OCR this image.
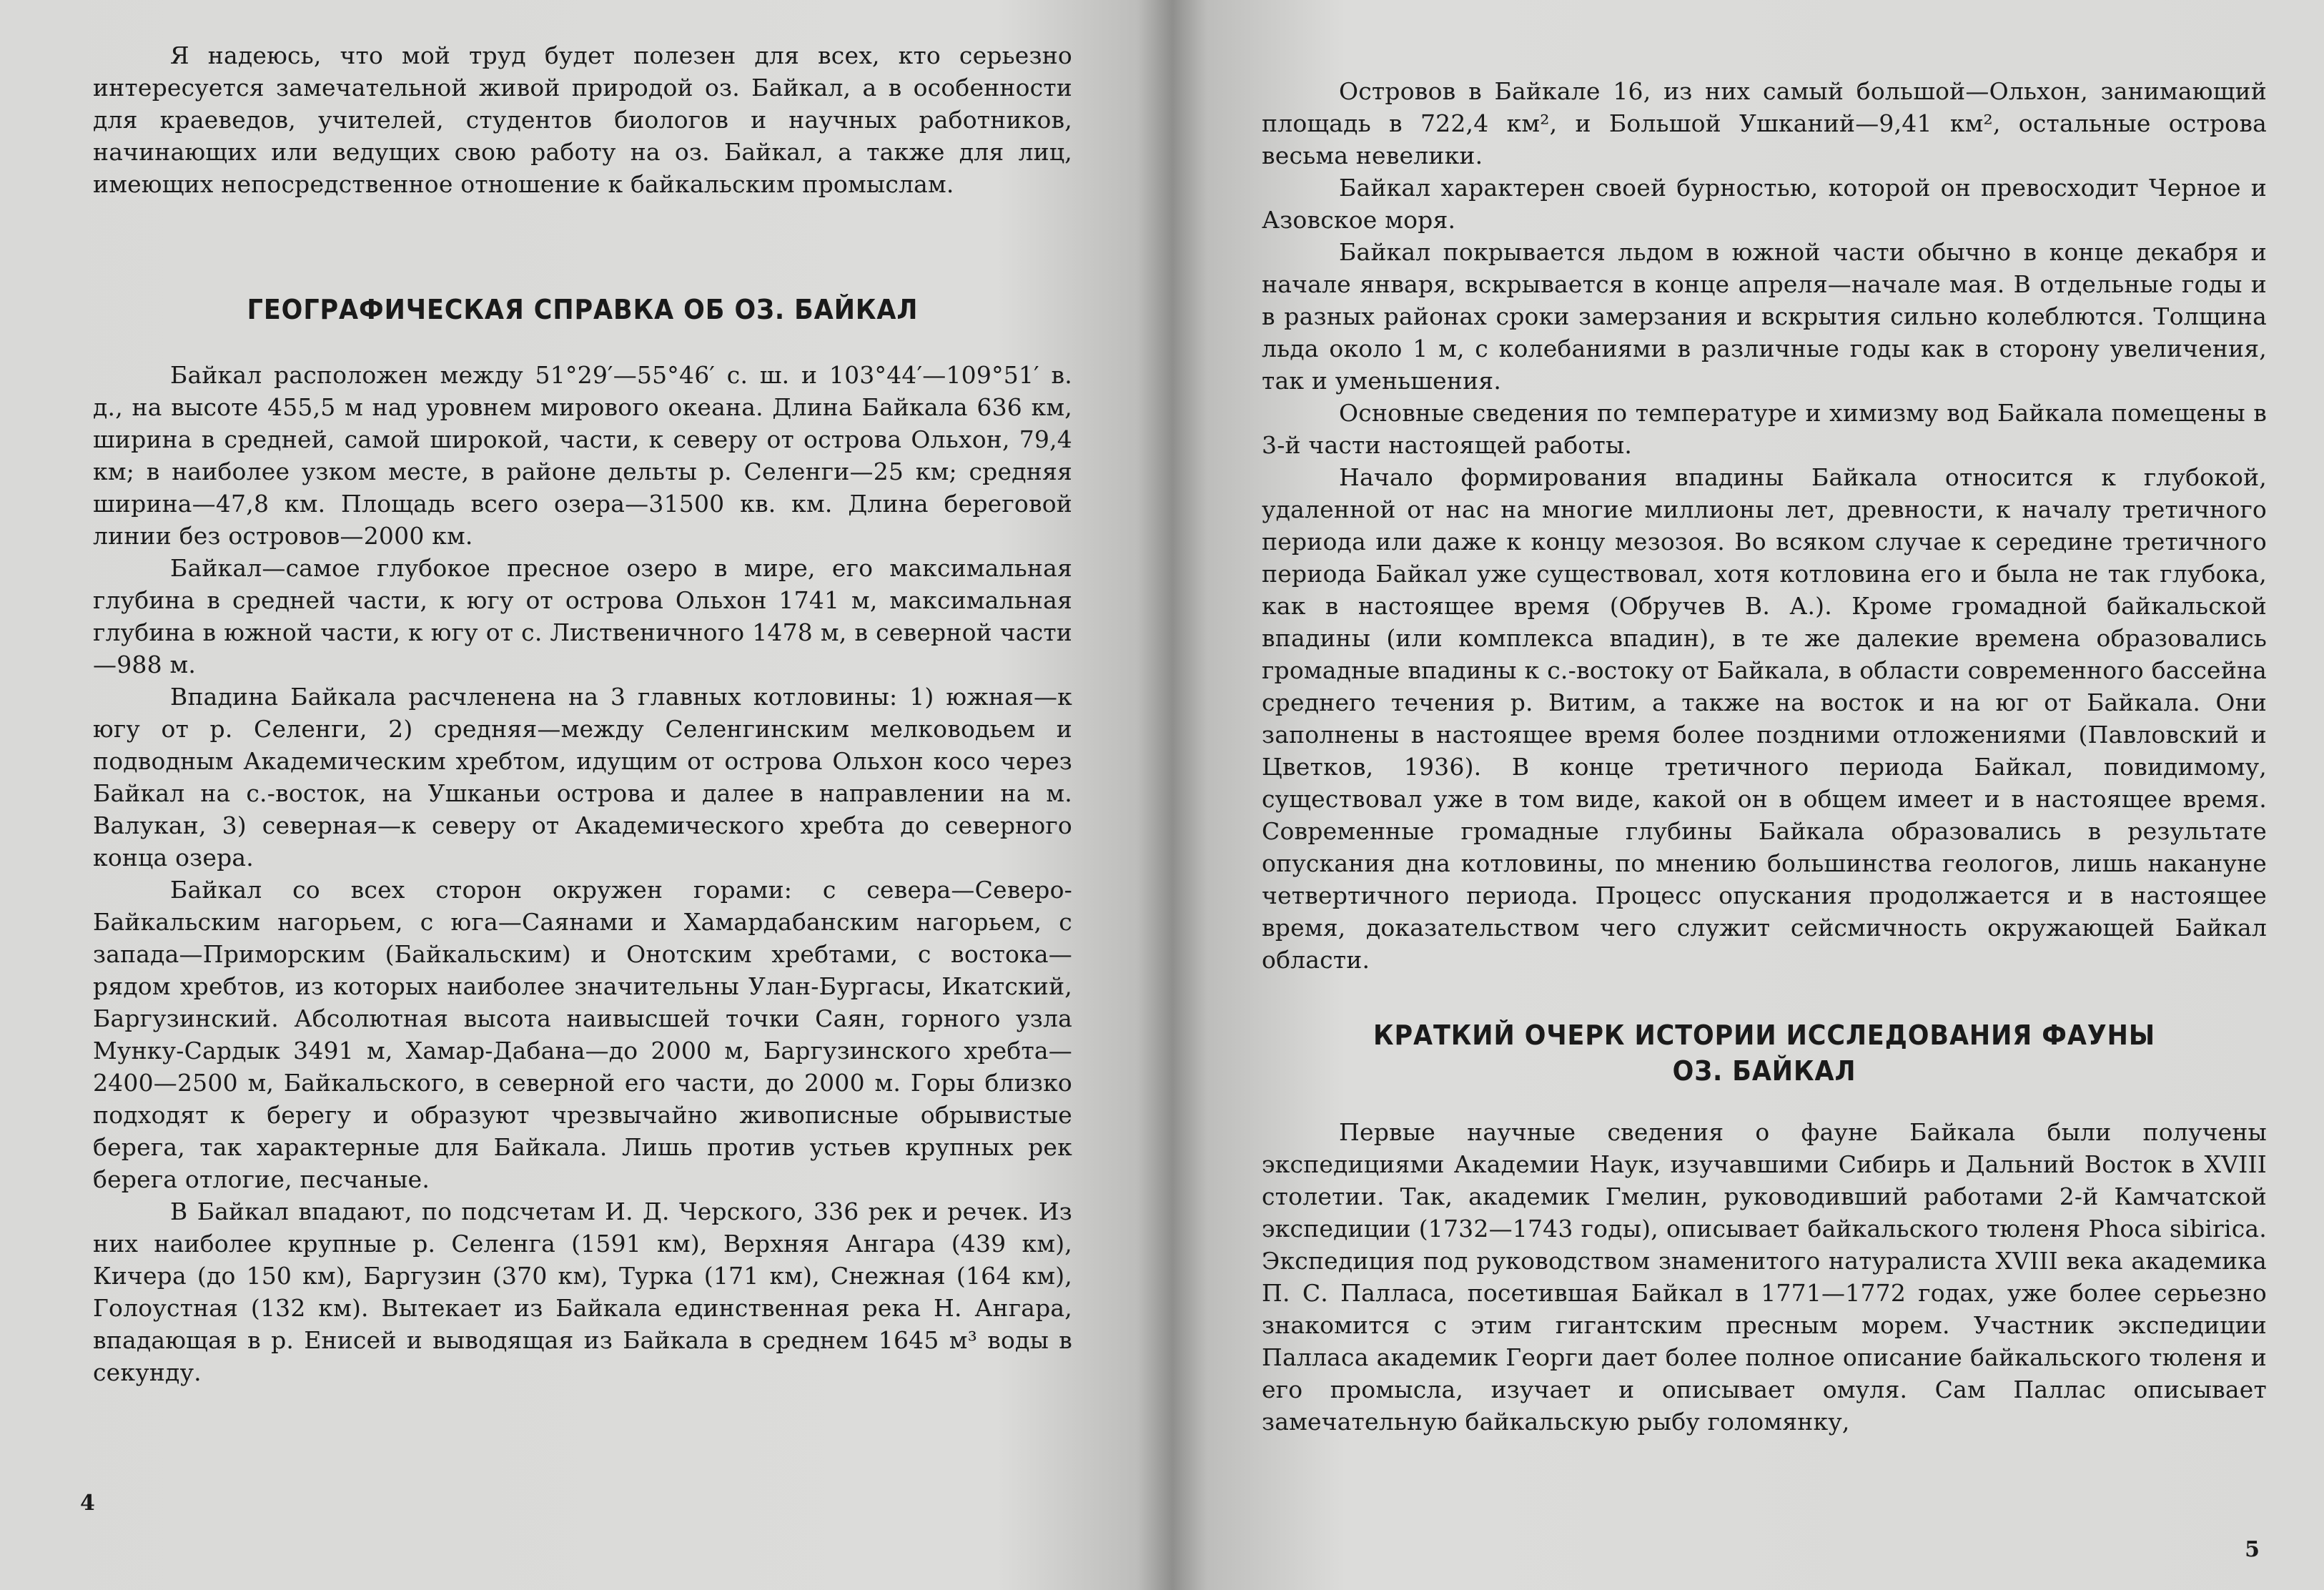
Я надеюсь, что мой труд будет полезен для всех, кто серьезно интересуется замечательной живой природой оз. Байкал, а в особенности для краеведов, учителей, студентов биологов и научных работников, начинающих или ведущих свою работу на оз. Байкал, а также для лиц, имеющих непосредственное отношение к байкальским промыслам.

ГЕОГРАФИЧЕСКАЯ СПРАВКА ОБ ОЗ. БАЙКАЛ

Байкал расположен между 51°29′—55°46′ с. ш. и 103°44′—109°51′ в. д., на высоте 455,5 м над уровнем мирового океана. Длина Байкала 636 км, ширина в средней, самой широкой, части, к северу от острова Ольхон, 79,4 км; в наиболее узком месте, в районе дельты р. Селенги—25 км; средняя ширина—47,8 км. Площадь всего озера—31500 кв. км. Длина береговой линии без островов—2000 км.

Байкал—самое глубокое пресное озеро в мире, его максимальная глубина в средней части, к югу от острова Ольхон 1741 м, максимальная глубина в южной части, к югу от с. Лиственичного 1478 м, в северной части—988 м.

Впадина Байкала расчленена на 3 главных котловины: 1) южная—к югу от р. Селенги, 2) средняя—между Селенгинским мелководьем и подводным Академическим хребтом, идущим от острова Ольхон косо через Байкал на с.-восток, на Ушканьи острова и далее в направлении на м. Валукан, 3) северная—к северу от Академического хребта до северного конца озера.

Байкал со всех сторон окружен горами: с севера—Северо-Байкальским нагорьем, с юга—Саянами и Хамардабанским нагорьем, с запада—Приморским (Байкальским) и Онотским хребтами, с востока—рядом хребтов, из которых наиболее значительны Улан-Бургасы, Икатский, Баргузинский. Абсолютная высота наивысшей точки Саян, горного узла Мунку-Сардык 3491 м, Хамар-Дабана—до 2000 м, Баргузинского хребта—2400—2500 м, Байкальского, в северной его части, до 2000 м. Горы близко подходят к берегу и образуют чрезвычайно живописные обрывистые берега, так характерные для Байкала. Лишь против устьев крупных рек берега отлогие, песчаные.

В Байкал впадают, по подсчетам И. Д. Черского, 336 рек и речек. Из них наиболее крупные р. Селенга (1591 км), Верхняя Ангара (439 км), Кичера (до 150 км), Баргузин (370 км), Турка (171 км), Снежная (164 км), Голоустная (132 км). Вытекает из Байкала единственная река Н. Ангара, впадающая в р. Енисей и выводящая из Байкала в среднем 1645 м³ воды в секунду.

4

Островов в Байкале 16, из них самый большой—Ольхон, занимающий площадь в 722,4 км², и Большой Ушканий—9,41 км², остальные острова весьма невелики.

Байкал характерен своей бурностью, которой он превосходит Черное и Азовское моря.

Байкал покрывается льдом в южной части обычно в конце декабря и начале января, вскрывается в конце апреля—начале мая. В отдельные годы и в разных районах сроки замерзания и вскрытия сильно колеблются. Толщина льда около 1 м, с колебаниями в различные годы как в сторону увеличения, так и уменьшения.

Основные сведения по температуре и химизму вод Байкала помещены в 3-й части настоящей работы.

Начало формирования впадины Байкала относится к глубокой, удаленной от нас на многие миллионы лет, древности, к началу третичного периода или даже к концу мезозоя. Во всяком случае к середине третичного периода Байкал уже существовал, хотя котловина его и была не так глубока, как в настоящее время (Обручев В. А.). Кроме громадной байкальской впадины (или комплекса впадин), в те же далекие времена образовались громадные впадины к с.-востоку от Байкала, в области современного бассейна среднего течения р. Витим, а также на восток и на юг от Байкала. Они заполнены в настоящее время более поздними отложениями (Павловский и Цветков, 1936). В конце третичного периода Байкал, повидимому, существовал уже в том виде, какой он в общем имеет и в настоящее время. Современные громадные глубины Байкала образовались в результате опускания дна котловины, по мнению большинства геологов, лишь накануне четвертичного периода. Процесс опускания продолжается и в настоящее время, доказательством чего служит сейсмичность окружающей Байкал области.

КРАТКИЙ ОЧЕРК ИСТОРИИ ИССЛЕДОВАНИЯ ФАУНЫ
ОЗ. БАЙКАЛ

Первые научные сведения о фауне Байкала были получены экспедициями Академии Наук, изучавшими Сибирь и Дальний Восток в XVIII столетии. Так, академик Гмелин, руководивший работами 2-й Камчатской экспедиции (1732—1743 годы), описывает байкальского тюленя Phoca sibirica. Экспедиция под руководством знаменитого натуралиста XVIII века академика П. С. Палласа, посетившая Байкал в 1771—1772 годах, уже более серьезно знакомится с этим гигантским пресным морем. Участник экспедиции Палласа академик Георги дает более полное описание байкальского тюленя и его промысла, изучает и описывает омуля. Сам Паллас описывает замечательную байкальскую рыбу голомянку,

5
